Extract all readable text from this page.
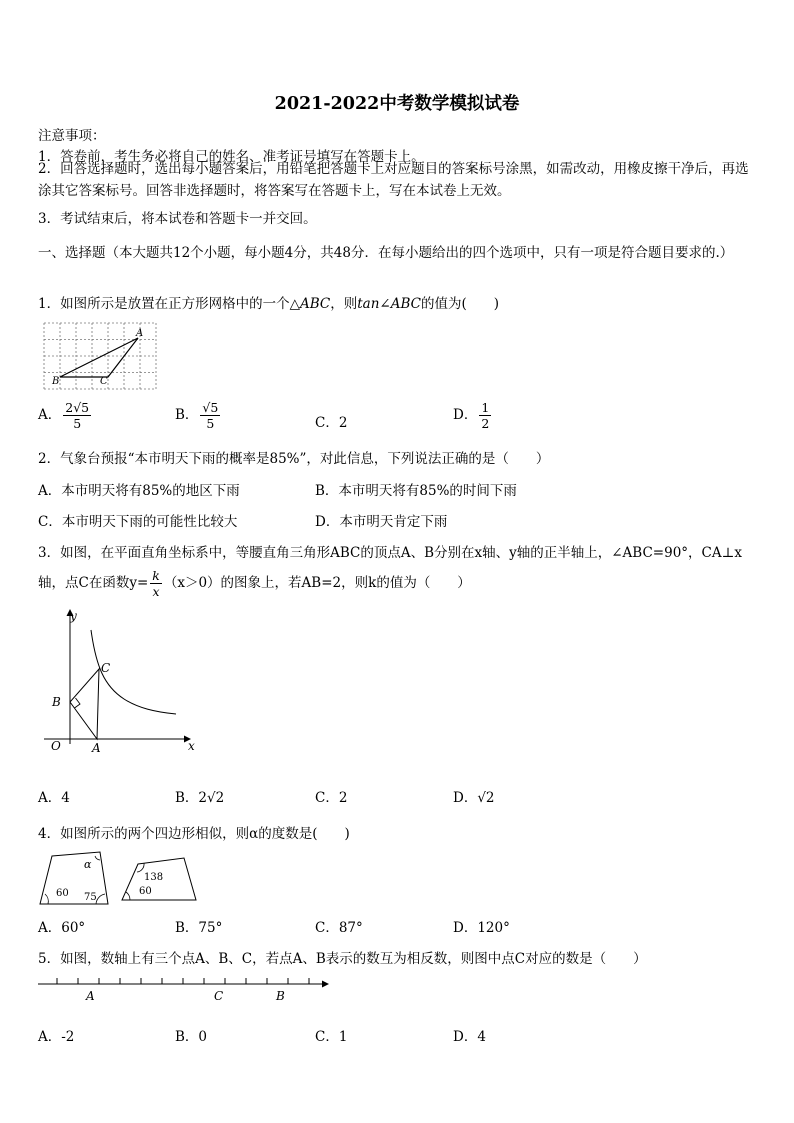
2021-2022中考数学模拟试卷
注意事项：
1．答卷前，考生务必将自己的姓名、准考证号填写在答题卡上。
2．回答选择题时，选出每小题答案后，用铅笔把答题卡上对应题目的答案标号涂黑，如需改动，用橡皮擦干净后，再选涂其它答案标号。回答非选择题时，将答案写在答题卡上，写在本试卷上无效。
3．考试结束后，将本试卷和答题卡一并交回。
一、选择题（本大题共12个小题，每小题4分，共48分．在每小题给出的四个选项中，只有一项是符合题目要求的.）
1．如图所示是放置在正方形网格中的一个△ABC，则tan∠ABC的值为(　　)
A
B	C
A． $\frac{2√5}{5}$	B． $\frac{√5}{5}$	C．2	D． $\frac{1}{2}$
2．气象台预报“本市明天下雨的概率是85%”，对此信息，下列说法正确的是（　　）
A．本市明天将有85%的地区下雨	B．本市明天将有85%的时间下雨
C．本市明天下雨的可能性比较大	D．本市明天肯定下雨
3．如图，在平面直角坐标系中，等腰直角三角形ABC的顶点A、B分别在x轴、y轴的正半轴上，∠ABC=90°，CA⊥x
轴，点C在函数$y= \frac{k}{x} (x>0)$的图象上，若AB=2，则k的值为（　　）
y
x
O	A
B
C
A．4	B．2√2	C．2	D．√2
4．如图所示的两个四边形相似，则α的度数是(　　)
α
60 75
138
60
A．60°	B．75°	C．87°	D．120°
5．如图，数轴上有三个点A、B、C，若点A、B表示的数互为相反数，则图中点C对应的数是（　　）
A	C	B
A．-2	B．0	C．1	D．4
